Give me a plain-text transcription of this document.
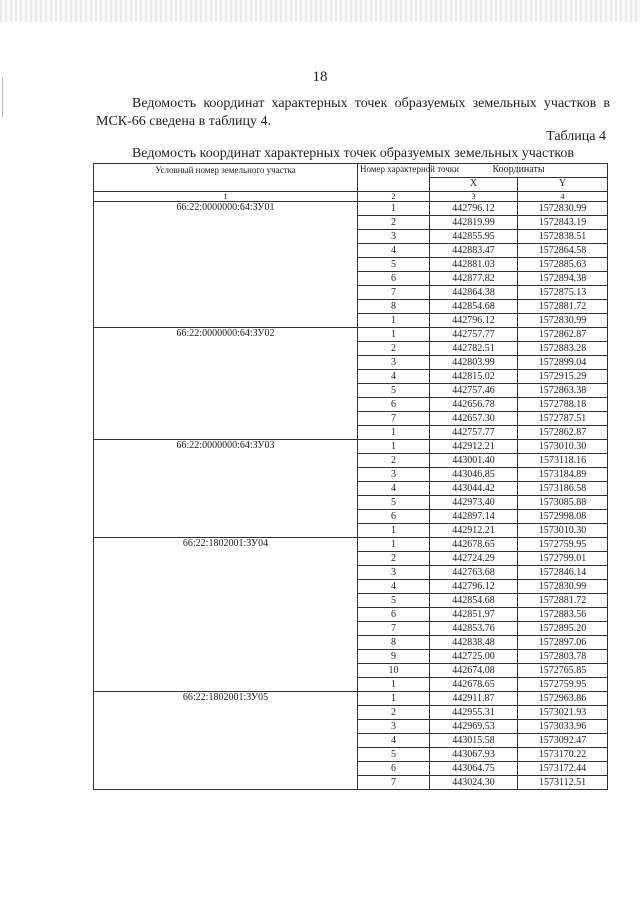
18
Ведомость координат характерных точек образуемых земельных участков в МСК-66 сведена в таблицу 4.
Таблица 4
Ведомость координат характерных точек образуемых земельных участков
Условный номер земельного участка	Номер характерной точки	Координаты	
		X	Y
1	2	3	4
66:22:0000000:64:ЗУ01	1	442796.12	1572830.99
	2	442819.99	1572843.19
	3	442855.95	1572838.51
	4	442883.47	1572864.58
	5	442881.03	1572885.63
	6	442877.82	1572894.38
	7	442864.38	1572875.13
	8	442854.68	1572881.72
	1	442796.12	1572830.99
66:22:0000000:64:ЗУ02	1	442757.77	1572862.87
	2	442782.51	1572883.28
	3	442803.99	1572899.04
	4	442815.02	1572915.29
	5	442757.46	1572863.38
	6	442656.78	1572788.18
	7	442657.30	1572787.51
	1	442757.77	1572862.87
66:22:0000000:64:ЗУ03	1	442912.21	1573010.30
	2	443001.40	1573118.16
	3	443046.85	1573184.89
	4	443044.42	1573186.58
	5	442973.40	1573085.88
	6	442897.14	1572998.08
	1	442912.21	1573010.30
66:22:1802001:ЗУ04	1	442678.65	1572759.95
	2	442724.29	1572799.01
	3	442763.68	1572846.14
	4	442796.12	1572830.99
	5	442854.68	1572881.72
	6	442851.97	1572883.56
	7	442853.76	1572895.20
	8	442838.48	1572897.06
	9	442725.00	1572803.78
	10	442674.08	1572765.85
	1	442678.65	1572759.95
66:22:1802001:ЗУ05	1	442911.87	1572963.86
	2	442955.31	1573021.93
	3	442969.53	1573033.96
	4	443015.58	1573092.47
	5	443067.93	1573170.22
	6	443064.75	1573172.44
	7	443024.30	1573112.51
